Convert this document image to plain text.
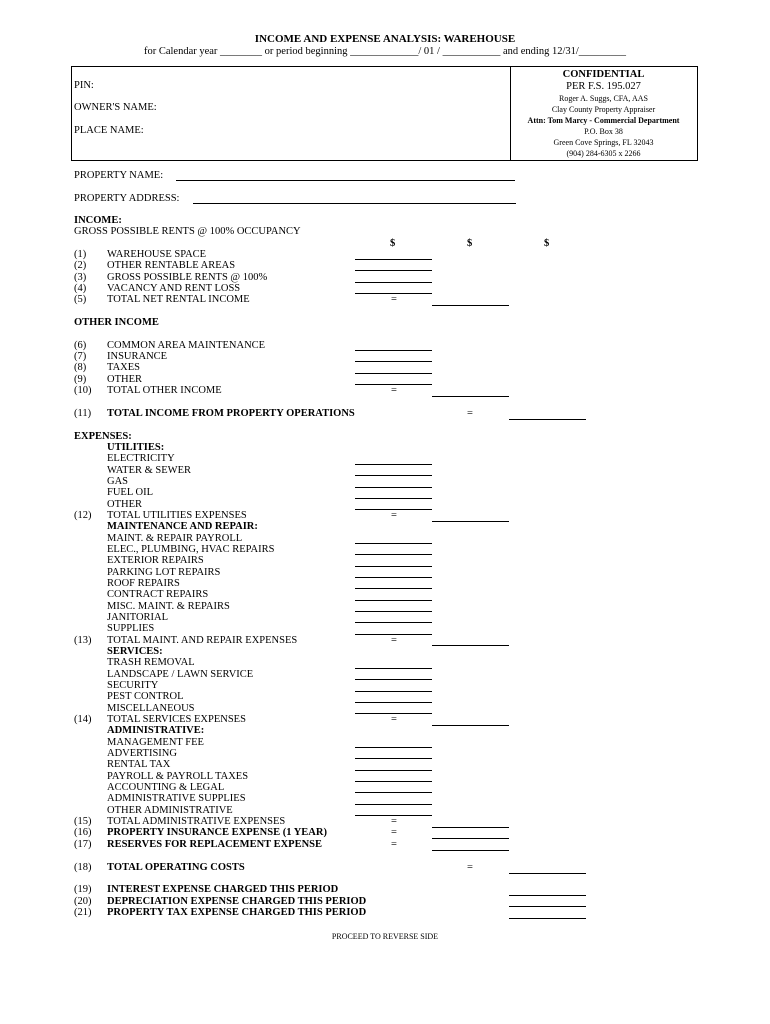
INCOME AND EXPENSE ANALYSIS: WAREHOUSE
for Calendar year ________ or period beginning _____________/ 01 / ___________ and ending 12/31/_________
PIN:
OWNER'S NAME:
PLACE NAME:
CONFIDENTIAL
PER F.S. 195.027
Roger A. Suggs, CFA, AAS
Clay County Property Appraiser
Attn: Tom Marcy - Commercial Department
P.O. Box 38
Green Cove Springs, FL 32043
(904) 284-6305 x 2266
PROPERTY NAME:
PROPERTY ADDRESS:
INCOME:
GROSS POSSIBLE RENTS @ 100% OCCUPANCY
$	$	$
(1) WAREHOUSE SPACE
(2) OTHER RENTABLE AREAS
(3) GROSS POSSIBLE RENTS @ 100%
(4) VACANCY AND RENT LOSS
(5) TOTAL NET RENTAL INCOME	=
OTHER INCOME
(6) COMMON AREA MAINTENANCE
(7) INSURANCE
(8) TAXES
(9) OTHER
(10) TOTAL OTHER INCOME	=
(11) TOTAL INCOME FROM PROPERTY OPERATIONS	=
EXPENSES:
UTILITIES:
ELECTRICITY
WATER & SEWER
GAS
FUEL OIL
OTHER
(12) TOTAL UTILITIES EXPENSES	=
MAINTENANCE AND REPAIR:
MAINT. & REPAIR PAYROLL
ELEC., PLUMBING, HVAC REPAIRS
EXTERIOR REPAIRS
PARKING LOT REPAIRS
ROOF REPAIRS
CONTRACT REPAIRS
MISC. MAINT. & REPAIRS
JANITORIAL
SUPPLIES
(13) TOTAL MAINT. AND REPAIR EXPENSES	=
SERVICES:
TRASH REMOVAL
LANDSCAPE / LAWN SERVICE
SECURITY
PEST CONTROL
MISCELLANEOUS
(14) TOTAL SERVICES EXPENSES	=
ADMINISTRATIVE:
MANAGEMENT FEE
ADVERTISING
RENTAL TAX
PAYROLL & PAYROLL TAXES
ACCOUNTING & LEGAL
ADMINISTRATIVE SUPPLIES
OTHER ADMINISTRATIVE
(15) TOTAL ADMINISTRATIVE EXPENSES	=
(16) PROPERTY INSURANCE EXPENSE (1 YEAR)	=
(17) RESERVES FOR REPLACEMENT EXPENSE	=
(18) TOTAL OPERATING COSTS	=
(19) INTEREST EXPENSE CHARGED THIS PERIOD
(20) DEPRECIATION EXPENSE CHARGED THIS PERIOD
(21) PROPERTY TAX EXPENSE CHARGED THIS PERIOD
PROCEED TO REVERSE SIDE
